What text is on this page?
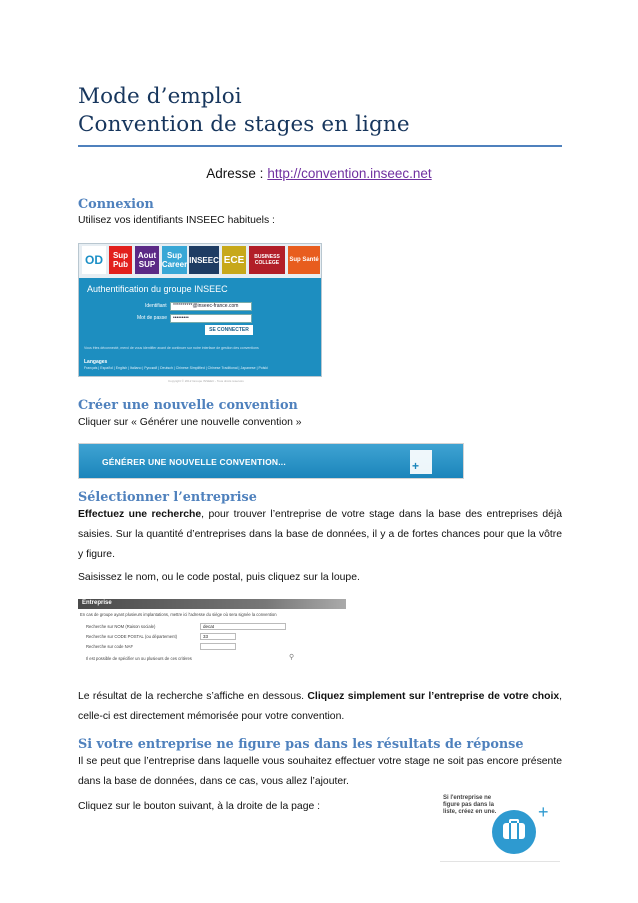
Mode d’emploi
Convention de stages en ligne
Adresse : http://convention.inseec.net
Connexion

Utilisez vos identifiants INSEEC habituels :

OD	Sup Pub
Aout SUP
Sup Career INSEEC ECE	BUSINESS COLLEGE
Sup Santé
Authentification du groupe INSEEC
Identifiant	**********@inseec-france.com
Mot de passe	•••••••••
SE CONNECTER
Vous êtes déconnecté, merci de vous identifier avant de continuer sur notre interface de gestion des conventions
Langages
Français | Español | English | Italiano | Русский | Deutsch | Chinese Simplified | Chinese Traditional | Japanese | Polski
Copyright © 2012 Groupe INSEEC - Tous droits réservés
Créer une nouvelle convention

Cliquer sur « Générer une nouvelle convention »

GÉNÉRER UNE NOUVELLE CONVENTION...	+
Sélectionner l’entreprise

Effectuez une recherche, pour trouver l’entreprise de votre stage dans la base des entreprises déjà saisies. Sur la quantité d’entreprises dans la base de données, il y a de fortes chances pour que la vôtre y figure.

Saisissez le nom, ou le code postal, puis cliquez sur la loupe.

Entreprise
En cas de groupe ayant plusieurs implantations, mettre ici l'adresse du siège où sera signée la convention
Recherche sur NOM (Raison sociale)	decat
Recherche sur CODE POSTAL (ou département)	33
Recherche sur code NAF
⚲
Il est possible de spécifier un ou plusieurs de ces critères

Le résultat de la recherche s’affiche en dessous. Cliquez simplement sur l’entreprise de votre choix, celle-ci est directement mémorisée pour votre convention.

Si votre entreprise ne figure pas dans les résultats de réponse

Il se peut que l’entreprise dans laquelle vous souhaitez effectuer votre stage ne soit pas encore présente dans la base de données, dans ce cas, vous allez l’ajouter.

Cliquez sur le bouton suivant, à la droite de la page :

Si l'entreprise ne figure pas dans la liste, créez en une. +
